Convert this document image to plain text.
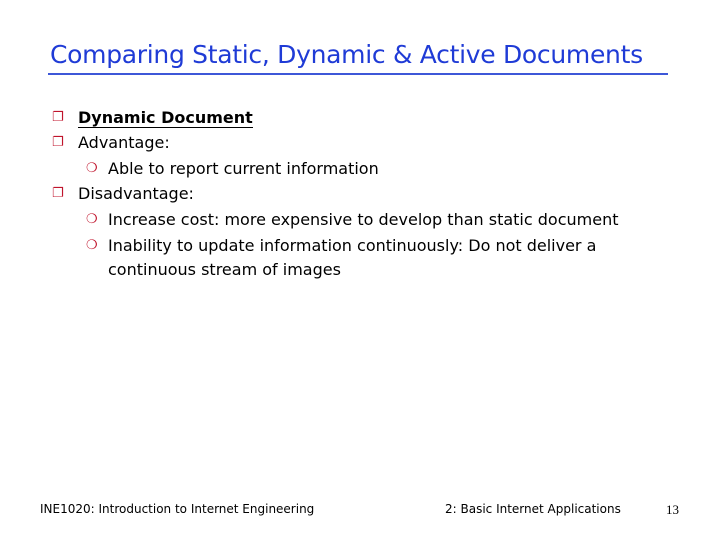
Comparing Static, Dynamic & Active Documents
❐ Dynamic Document
❐ Advantage:
❍ Able to report current information
❐ Disadvantage:
❍ Increase cost: more expensive to develop than static document
❍ Inability to update information continuously: Do not deliver a continuous stream of images
INE1020: Introduction to Internet Engineering	2: Basic Internet Applications	13
